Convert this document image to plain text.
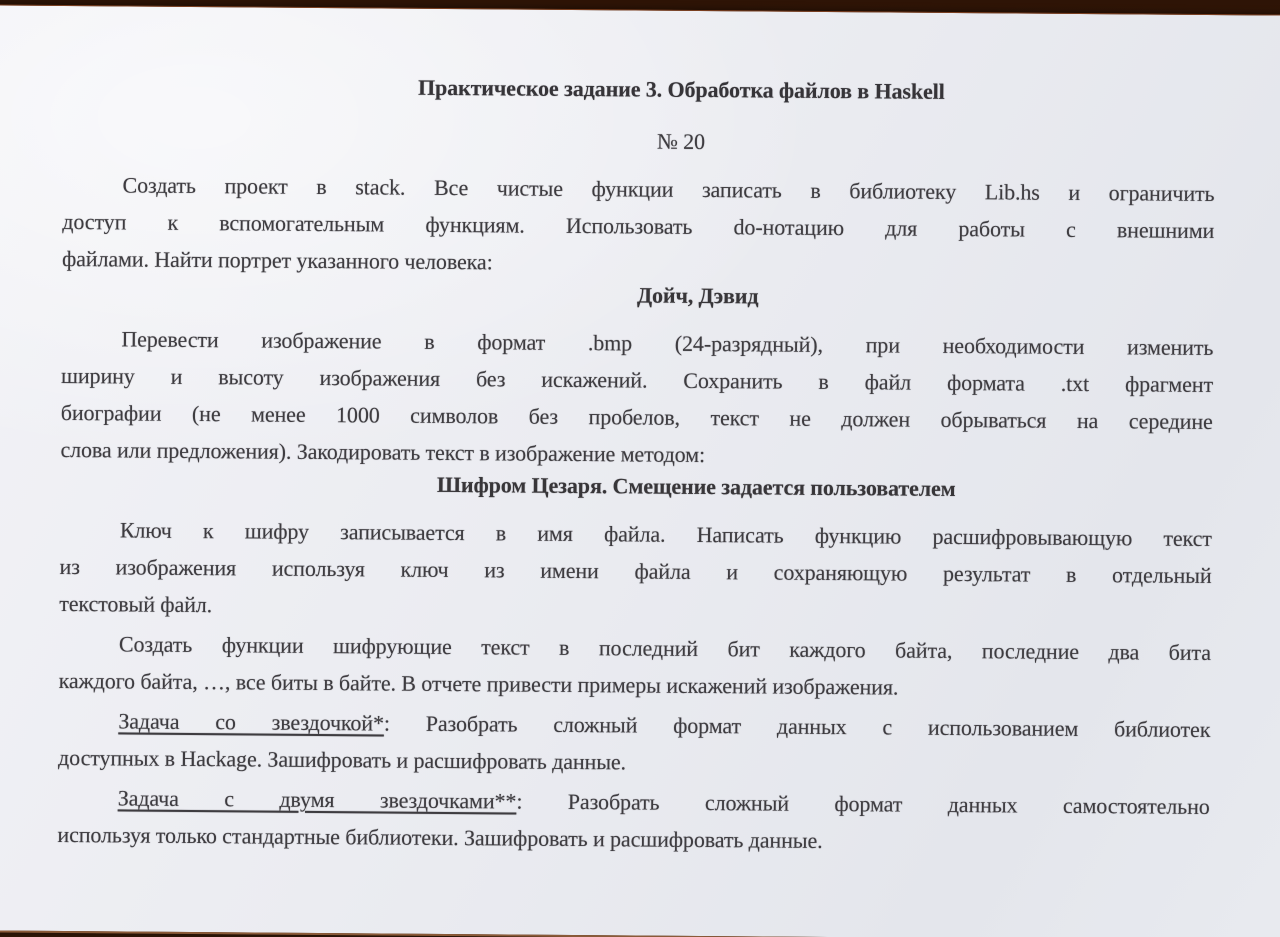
Практическое задание 3. Обработка файлов в Haskell
№ 20
Создать проект в stack. Все чистые функции записать в библиотеку Lib.hs и ограничить
доступ к вспомогательным функциям. Использовать do-нотацию для работы с внешними
файлами. Найти портрет указанного человека:
Дойч, Дэвид
Перевести изображение в формат .bmp (24-разрядный), при необходимости изменить
ширину и высоту изображения без искажений. Сохранить в файл формата .txt фрагмент
биографии (не менее 1000 символов без пробелов, текст не должен обрываться на середине
слова или предложения). Закодировать текст в изображение методом:
Шифром Цезаря. Смещение задается пользователем
Ключ к шифру записывается в имя файла. Написать функцию расшифровывающую текст
из изображения используя ключ из имени файла и сохраняющую результат в отдельный
текстовый файл.
Создать функции шифрующие текст в последний бит каждого байта, последние два бита
каждого байта, …, все биты в байте. В отчете привести примеры искажений изображения.
Задача со звездочкой*: Разобрать сложный формат данных с использованием библиотек
доступных в Hackage. Зашифровать и расшифровать данные.
Задача с двумя звездочками**: Разобрать сложный формат данных самостоятельно
используя только стандартные библиотеки. Зашифровать и расшифровать данные.
